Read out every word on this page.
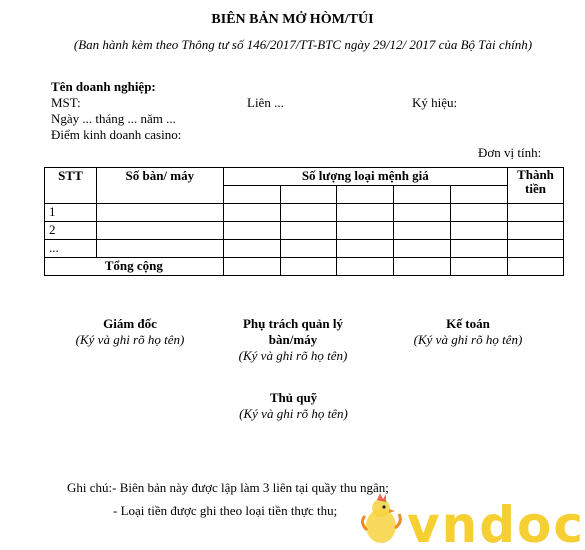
BIÊN BẢN MỞ HÒM/TÚI
(Ban hành kèm theo Thông tư số 146/2017/TT-BTC ngày 29/12/ 2017 của Bộ Tài chính)
Tên doanh nghiệp:
MST:	Liên ...	Ký hiệu:
Ngày ... tháng ... năm ...
Điểm kinh doanh casino:
Đơn vị tính:
STT	Số bàn/ máy	Số lượng loại mệnh giá					Thành tiền

1							
2							
...							
Tổng cộng							
Giám đốc
(Ký và ghi rõ họ tên)
Phụ trách quản lý bàn/máy
(Ký và ghi rõ họ tên)
Kế toán
(Ký và ghi rõ họ tên)
Thủ quỹ
(Ký và ghi rõ họ tên)
Ghi chú:- Biên bản này được lập làm 3 liên tại quầy thu ngân;
- Loại tiền được ghi theo loại tiền thực thu; vndoc
